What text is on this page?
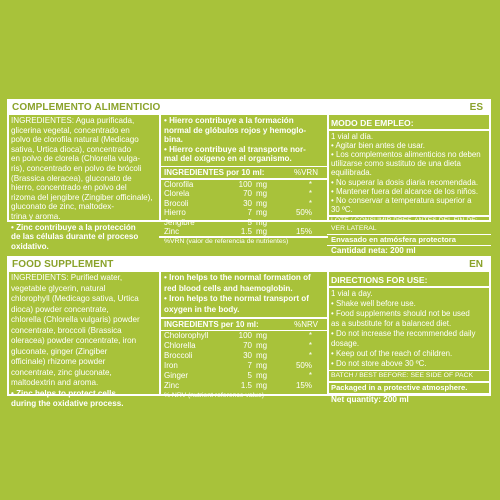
COMPLEMENTO ALIMENTICIO	ES
INGREDIENTES: Agua purificada,
glicerina vegetal, concentrado en
polvo de clorofila natural (Medicago
sativa, Urtica dioca), concentrado
en polvo de clorela (Chlorella vulga-
ris), concentrado en polvo de brócoli
(Brassica oleracea), gluconato de
hierro, concentrado en polvo del
rizoma del jengibre (Zingiber officinale),
gluconato de zinc, maltodex-
trina y aroma.
• Zinc contribuye a la protección
de las células durante el proceso
oxidativo.
• Hierro contribuye a la formación
normal de glóbulos rojos y hemoglo-
bina.
• Hierro contribuye al transporte nor-
mal del oxígeno en el organismo.
INGREDIENTES por 10 ml:	%VRN
Clorofila	100 mg	*
Clorela	70 mg	*
Brocoli	30 mg	*
Hierro	7 mg	50%
Jengibre	5 mg	*
Zinc	1.5 mg	15%
%VRN (valor de referencia de nutrientes)
MODO DE EMPLEO:
1 vial al día.
• Agitar bien antes de usar.
• Los complementos alimenticios no deben
utilizarse como sustituto de una dieta
equilibrada.
• No superar la dosis diaria recomendada.
• Mantener fuera del alcance de los niños.
• No conservar a temperatura superior a
30 ºC.
LOTE / CONSUMIR PREF. ANTES DEL FIN DE:
VER LATERAL
Envasado en atmósfera protectora
Cantidad neta: 200 ml
FOOD SUPPLEMENT	EN
INGREDIENTS: Purified water,
vegetable glycerin, natural
chlorophyll (Medicago sativa, Urtica
dioca) powder concentrate,
chlorella (Chlorella vulgaris) powder
concentrate, broccoli (Brassica
oleracea) powder concentrate, iron
gluconate, ginger (Zingiber
officinale) rhizome powder
concentrate, zinc gluconate,
maltodextrin and aroma.
• Zinc helps to protect cells
during the oxidative process.
• Iron helps to the normal formation of
red blood cells and haemoglobin.
• Iron helps to the normal transport of
oxygen in the body.
INGREDIENTS per 10 ml:	%NRV
Cholorophyll	100 mg	*
Chlorella	70 mg	*
Broccoli	30 mg	*
Iron	7 mg	50%
Ginger	5 mg	*
Zinc	1.5 mg	15%
% NRV (nutrient reference value)
DIRECTIONS FOR USE:
1 vial a day.
• Shake well before use.
• Food supplements should not be used
as a substitute for a balanced diet.
• Do not increase the recommended daily
dosage.
• Keep out of the reach of children.
• Do not store above 30 ºC.
BATCH / BEST BEFORE: SEE SIDE OF PACK
Packaged in a protective atmosphere.
Net quantity: 200 ml
